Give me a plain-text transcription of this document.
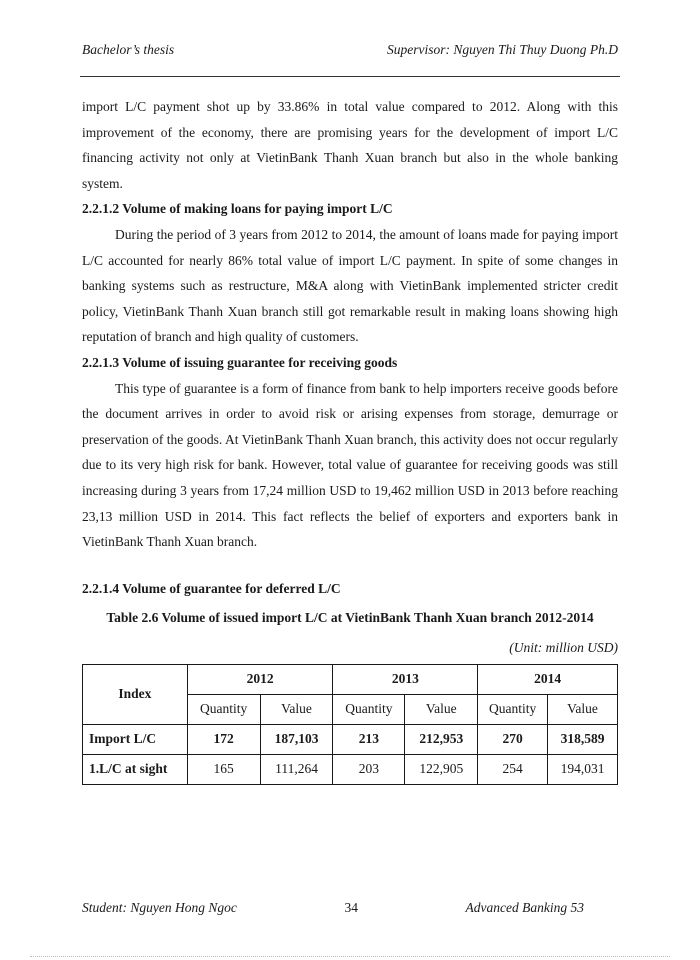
Bachelor’s thesis	Supervisor: Nguyen Thi Thuy Duong Ph.D

import L/C payment shot up by 33.86% in total value compared to 2012. Along with this improvement of the economy, there are promising years for the development of import L/C financing activity not only at VietinBank Thanh Xuan branch but also in the whole banking system.

2.2.1.2 Volume of making loans for paying import L/C

During the period of 3 years from 2012 to 2014, the amount of loans made for paying import L/C accounted for nearly 86% total value of import L/C payment. In spite of some changes in banking systems such as restructure, M&A along with VietinBank implemented stricter credit policy, VietinBank Thanh Xuan branch still got remarkable result in making loans showing high reputation of branch and high quality of customers.

2.2.1.3 Volume of issuing guarantee for receiving goods

This type of guarantee is a form of finance from bank to help importers receive goods before the document arrives in order to avoid risk or arising expenses from storage, demurrage or preservation of the goods. At VietinBank Thanh Xuan branch, this activity does not occur regularly due to its very high risk for bank. However, total value of guarantee for receiving goods was still increasing during 3 years from 17,24 million USD to 19,462 million USD in 2013 before reaching 23,13 million USD in 2014. This fact reflects the belief of exporters and exporters bank in VietinBank Thanh Xuan branch.

2.2.1.4 Volume of guarantee for deferred L/C

Table 2.6 Volume of issued import L/C at VietinBank Thanh Xuan branch 2012-2014

(Unit: million USD)

Index	2012		2013		2014	
	Quantity	Value	Quantity	Value	Quantity	Value
Import L/C	172	187,103	213	212,953	270	318,589
1.L/C at sight	165	111,264	203	122,905	254	194,031
Student: Nguyen Hong Ngoc	34	Advanced Banking 53
